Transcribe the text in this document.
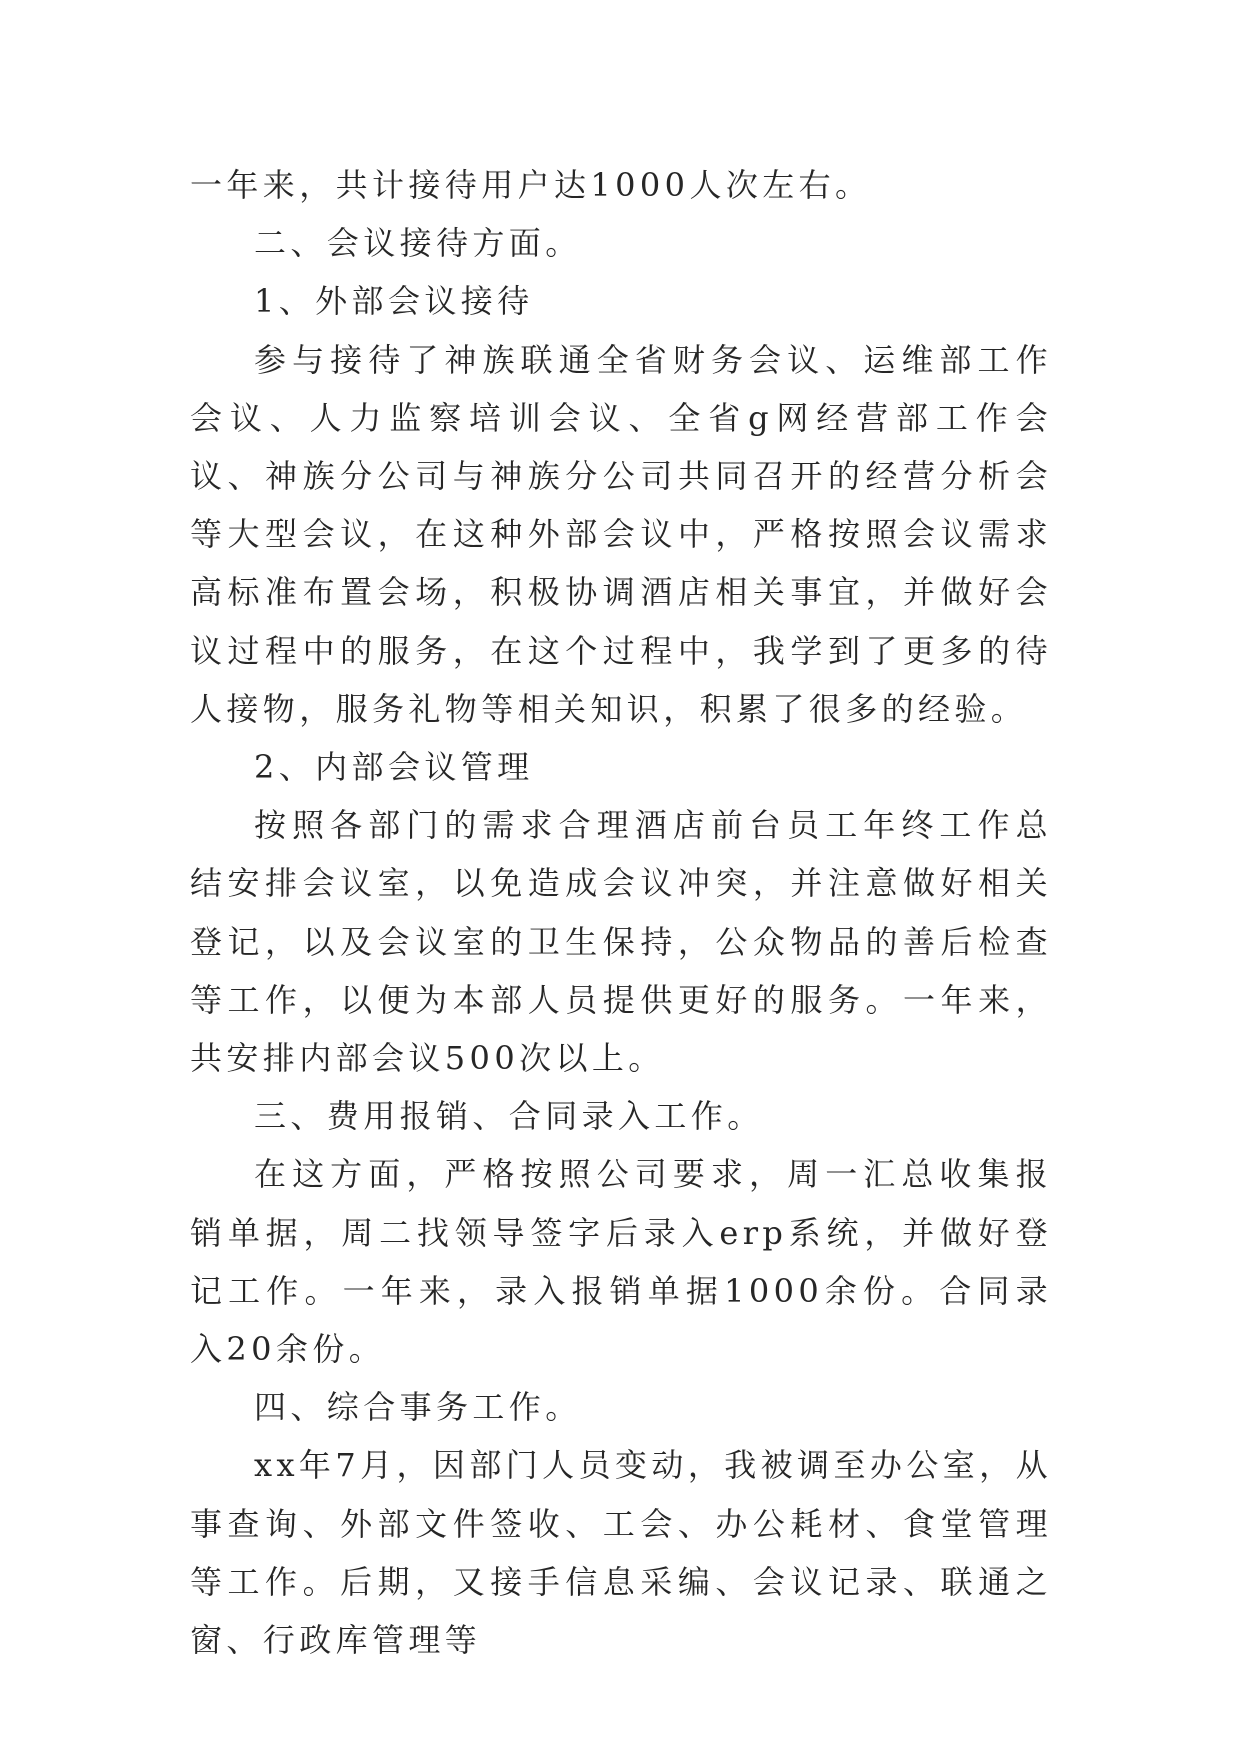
一年来，共计接待用户达1000人次左右。

二、会议接待方面。

1、外部会议接待

参与接待了神族联通全省财务会议、运维部工作会议、人力监察培训会议、全省g网经营部工作会议、神族分公司与神族分公司共同召开的经营分析会等大型会议，在这种外部会议中，严格按照会议需求高标准布置会场，积极协调酒店相关事宜，并做好会议过程中的服务，在这个过程中，我学到了更多的待人接物，服务礼物等相关知识，积累了很多的经验。

2、内部会议管理

按照各部门的需求合理酒店前台员工年终工作总结安排会议室，以免造成会议冲突，并注意做好相关登记，以及会议室的卫生保持，公众物品的善后检查等工作，以便为本部人员提供更好的服务。一年来，共安排内部会议500次以上。

三、费用报销、合同录入工作。

在这方面，严格按照公司要求，周一汇总收集报销单据，周二找领导签字后录入erp系统，并做好登记工作。一年来，录入报销单据1000余份。合同录入20余份。

四、综合事务工作。

xx年7月，因部门人员变动，我被调至办公室，从事查询、外部文件签收、工会、办公耗材、食堂管理等工作。后期，又接手信息采编、会议记录、联通之窗、行政库管理等
